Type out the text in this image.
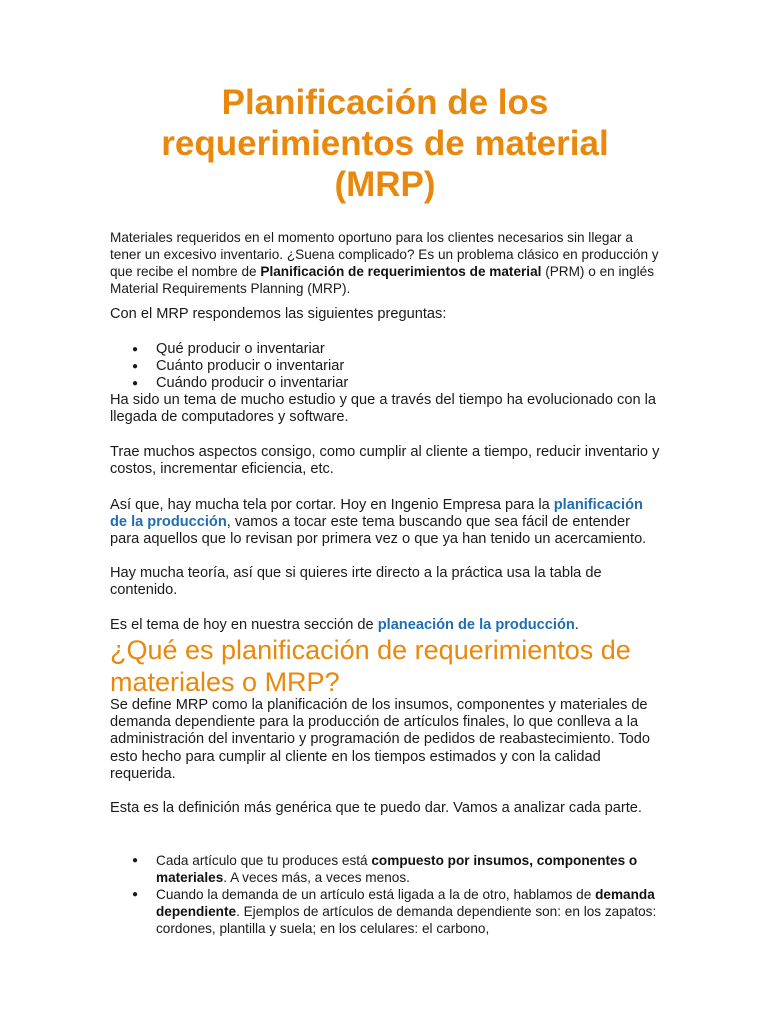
Planificación de los requerimientos de material (MRP)

Materiales requeridos en el momento oportuno para los clientes necesarios sin llegar a tener un excesivo inventario. ¿Suena complicado? Es un problema clásico en producción y que recibe el nombre de Planificación de requerimientos de material (PRM) o en inglés Material Requirements Planning (MRP).

Con el MRP respondemos las siguientes preguntas:

● Qué producir o inventariar
● Cuánto producir o inventariar
● Cuándo producir o inventariar

Ha sido un tema de mucho estudio y que a través del tiempo ha evolucionado con la llegada de computadores y software.

Trae muchos aspectos consigo, como cumplir al cliente a tiempo, reducir inventario y costos, incrementar eficiencia, etc.

Así que, hay mucha tela por cortar. Hoy en Ingenio Empresa para la planificación de la producción, vamos a tocar este tema buscando que sea fácil de entender para aquellos que lo revisan por primera vez o que ya han tenido un acercamiento.

Hay mucha teoría, así que si quieres irte directo a la práctica usa la tabla de contenido.

Es el tema de hoy en nuestra sección de planeación de la producción.

¿Qué es planificación de requerimientos de materiales o MRP?

Se define MRP como la planificación de los insumos, componentes y materiales de demanda dependiente para la producción de artículos finales, lo que conlleva a la administración del inventario y programación de pedidos de reabastecimiento. Todo esto hecho para cumplir al cliente en los tiempos estimados y con la calidad requerida.

Esta es la definición más genérica que te puedo dar. Vamos a analizar cada parte.

● Cada artículo que tu produces está compuesto por insumos, componentes o materiales. A veces más, a veces menos.
● Cuando la demanda de un artículo está ligada a la de otro, hablamos de demanda dependiente. Ejemplos de artículos de demanda dependiente son: en los zapatos: cordones, plantilla y suela; en los celulares: el carbono,
